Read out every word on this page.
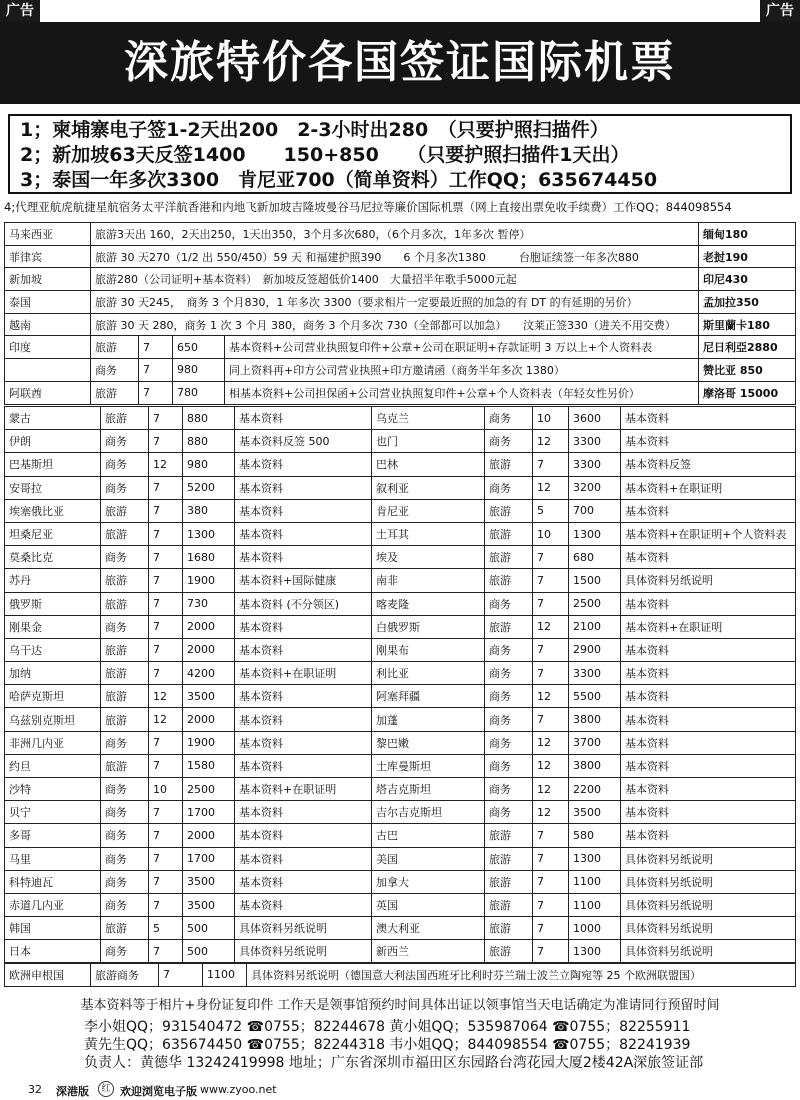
广告	广告
深旅特价各国签证国际机票
1；柬埔寨电子签1-2天出200　2-3小时出280　（只要护照扫描件）
2；新加坡63天反签1400　　150+850　　（只要护照扫描件1天出）
3；泰国一年多次3300　肯尼亚700（简单资料）工作QQ；635674450
4;代理亚航虎航捷星航宿务太平洋航香港和内地飞新加坡吉隆坡曼谷马尼拉等廉价国际机票（网上直接出票免收手续费）工作QQ；844098554
马来西亚	旅游3天出 160，2天出250，1天出350，3个月多次680，（6个月多次，1年多次 暂停）				缅甸180
菲律宾	旅游 30 天270（1/2 出 550/450）59 天 和福建护照390　　6 个月多次1380　　　台胞证续签一年多次880				老挝190
新加坡	旅游280（公司证明+基本资料）　新加坡反签超低价1400　大量招半年歌手5000元起				印尼430
泰国	旅游 30 天245，　商务 3 个月830，1 年多次 3300（要求相片一定要最近照的加急的有 DT 的有延期的另价）				孟加拉350
越南	旅游 30 天 280，商务 1 次 3 个月 380，商务 3 个月多次 730（全部都可以加急）　　汶莱正签330（进关不用交费）				斯里蘭卡180
印度	旅游	7	650	基本资料+公司营业执照复印件+公章+公司在职证明+存款证明 3 万以上+个人资料表	尼日利亞2880
	商务	7	980	同上资料再+印方公司营业执照+印方邀请函（商务半年多次 1380）	赞比亚 850
阿联酋	旅游	7	780	相基本资料+公司担保函+公司营业执照复印件+公章+个人资料表（年轻女性另价）	摩洛哥 15000
蒙古	旅游	7	880	基本资料	乌克兰	商务	10	3600	基本资料
伊朗	商务	7	880	基本资料反签 500	也门	商务	12	3300	基本资料
巴基斯坦	商务	12	980	基本资料	巴林	旅游	7	3300	基本资料反签
安哥拉	商务	7	5200	基本资料	叙利亚	商务	12	3200	基本资料+在职证明
埃塞俄比亚	旅游	7	380	基本资料	肯尼亚	旅游	5	700	基本资料
坦桑尼亚	旅游	7	1300	基本资料	土耳其	旅游	10	1300	基本资料+在职证明+个人资料表
莫桑比克	商务	7	1680	基本资料	埃及	旅游	7	680	基本资料
苏丹	旅游	7	1900	基本资料+国际健康	南非	旅游	7	1500	具体资料另纸说明
俄罗斯	旅游	7	730	基本资料 (不分领区)	喀麦隆	商务	7	2500	基本资料
刚果金	商务	7	2000	基本资料	白俄罗斯	旅游	12	2100	基本资料+在职证明
乌干达	旅游	7	2000	基本资料	刚果布	商务	7	2900	基本资料
加纳	旅游	7	4200	基本资料+在职证明	利比亚	商务	7	3300	基本资料
哈萨克斯坦	旅游	12	3500	基本资料	阿塞拜疆	商务	12	5500	基本资料
乌兹别克斯坦	旅游	12	2000	基本资料	加蓬	商务	7	3800	基本资料
非洲几内亚	商务	7	1900	基本资料	黎巴嫩	商务	12	3700	基本资料
约旦	旅游	7	1580	基本资料	土库曼斯坦	商务	12	3800	基本资料
沙特	商务	10	2500	基本资料+在职证明	塔吉克斯坦	商务	12	2200	基本资料
贝宁	商务	7	1700	基本资料	吉尔吉克斯坦	商务	12	3500	基本资料
多哥	商务	7	2000	基本资料	古巴	旅游	7	580	基本资料
马里	商务	7	1700	基本资料	美国	旅游	7	1300	具体资料另纸说明
科特迪瓦	商务	7	3500	基本资料	加拿大	旅游	7	1100	具体资料另纸说明
赤道几内亚	商务	7	3500	基本资料	英国	旅游	7	1100	具体资料另纸说明
韩国	旅游	5	500	具体资料另纸说明	澳大利亚	旅游	7	1000	具体资料另纸说明
日本	商务	7	500	具体资料另纸说明	新西兰	旅游	7	1300	具体资料另纸说明
欧洲申根国	旅游商务	7	1100	具体资料另纸说明（德国意大利法国西班牙比利时芬兰瑞士波兰立陶宛等 25 个欧洲联盟国）
基本资料等于相片+身份证复印件 工作天是领事馆预约时间具体出证以领事馆当天电话确定为准请同行预留时间
李小姐QQ；931540472 ☎0755；82244678 黄小姐QQ；535987064 ☎0755；82255911
黄先生QQ；635674450 ☎0755；82244318 韦小姐QQ；844098554 ☎0755；82241939
负责人：黄德华 13242419998 地址；广东省深圳市福田区东园路台湾花园大厦2楼42A深旅签证部
32 深港版	红 欢迎浏览电子版 www.zyoo.net
